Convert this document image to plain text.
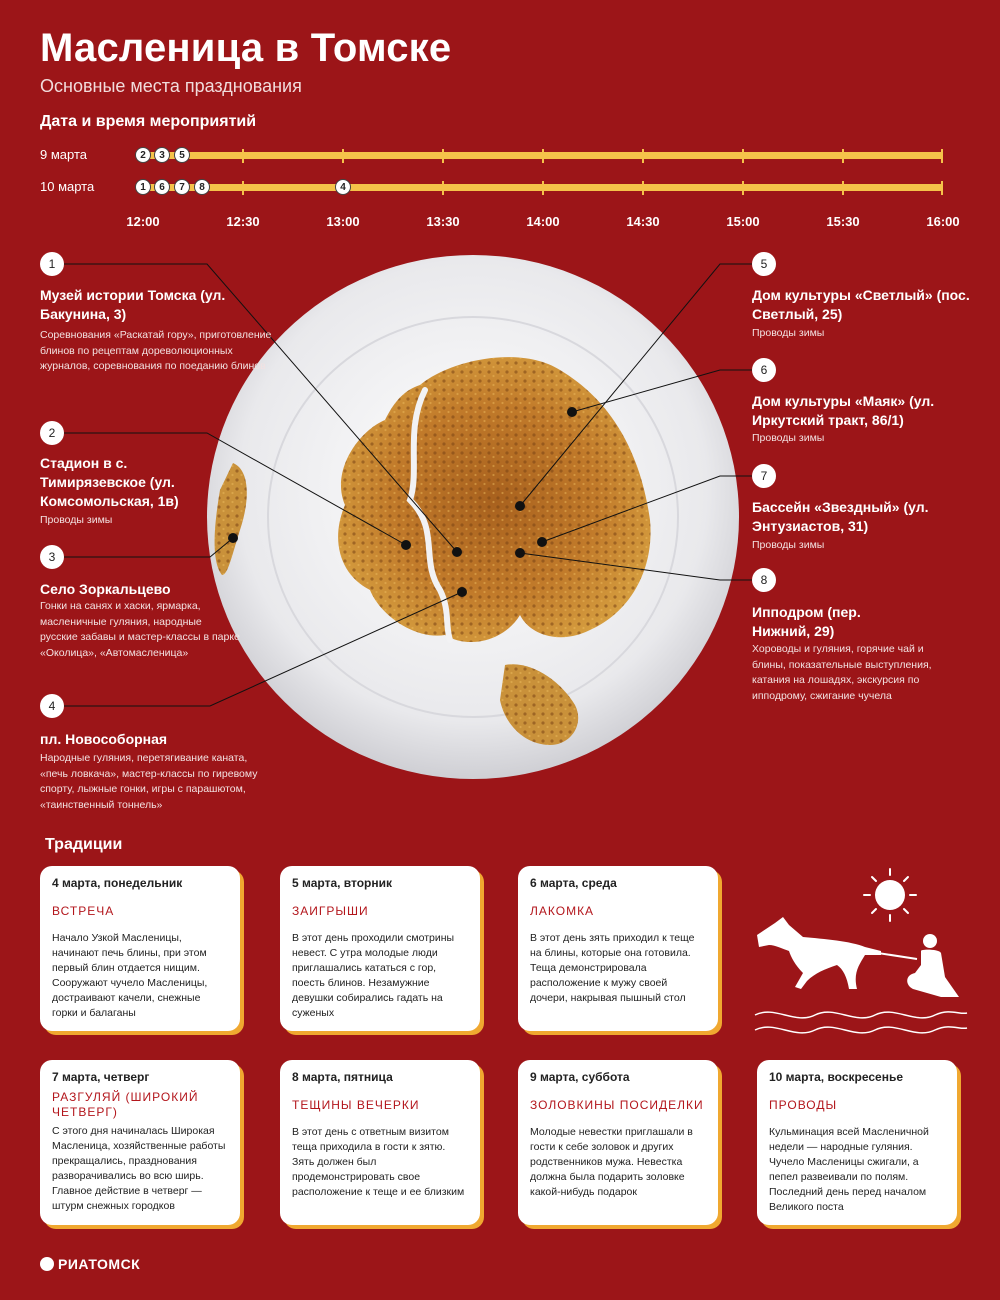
Масленица в Томске
Основные места празднования
Дата и время мероприятий
9 марта
10 марта
2	3	5
1	6	7	8	4
12:00	12:30	13:00	13:30	14:00	14:30	15:00	15:30	16:00
1
Музей истории Томска (ул. Бакунина, 3)
Соревнования «Раскатай гору», приготовление блинов по рецептам дореволюционных журналов, соревнования по поеданию блинов
2
Стадион в с. Тимирязевское (ул. Комсомольская, 1в)
Проводы зимы
3
Село Зоркальцево
Гонки на санях и хаски, ярмарка, масленичные гуляния, народные русские забавы и мастер-классы в парке «Околица», «Автомасленица»
4
пл. Новособорная
Народные гуляния, перетягивание каната, «печь ловкача», мастер-классы по гиревому спорту, лыжные гонки, игры с парашютом, «таинственный тоннель»
5
Дом культуры «Светлый» (пос. Светлый, 25)
Проводы зимы
6
Дом культуры «Маяк» (ул. Иркутский тракт, 86/1)
Проводы зимы
7
Бассейн «Звездный» (ул. Энтузиастов, 31)
Проводы зимы
8
Ипподром (пер. Нижний, 29)
Хороводы и гуляния, горячие чай и блины, показательные выступления, катания на лошадях, экскурсия по ипподрому, сжигание чучела
Традиции
4 марта, понедельник
ВСТРЕЧА
Начало Узкой Масленицы, начинают печь блины, при этом первый блин отдается нищим. Сооружают чучело Масленицы, достраивают качели, снежные горки и балаганы
5 марта, вторник
ЗАИГРЫШИ
В этот день проходили смотрины невест. С утра молодые люди приглашались кататься с гор, поесть блинов. Незамужние девушки собирались гадать на суженых
6 марта, среда
ЛАКОМКА
В этот день зять приходил к теще на блины, которые она готовила. Теща демонстрировала расположение к мужу своей дочери, накрывая пышный стол
7 марта, четверг
РАЗГУЛЯЙ (ШИРОКИЙ ЧЕТВЕРГ)
С этого дня начиналась Широкая Масленица, хозяйственные работы прекращались, празднования разворачивались во всю ширь. Главное действие в четверг — штурм снежных городков
8 марта, пятница
ТЕЩИНЫ ВЕЧЕРКИ
В этот день с ответным визитом теща приходила в гости к зятю. Зять должен был продемонстрировать свое расположение к теще и ее близким
9 марта, суббота
ЗОЛОВКИНЫ ПОСИДЕЛКИ
Молодые невестки приглашали в гости к себе золовок и других родственников мужа. Невестка должна была подарить золовке какой-нибудь подарок
10 марта, воскресенье
ПРОВОДЫ
Кульминация всей Масленичной недели — народные гуляния. Чучело Масленицы сжигали, а пепел развеивали по полям. Последний день перед началом Великого поста
РИАТОМСК
